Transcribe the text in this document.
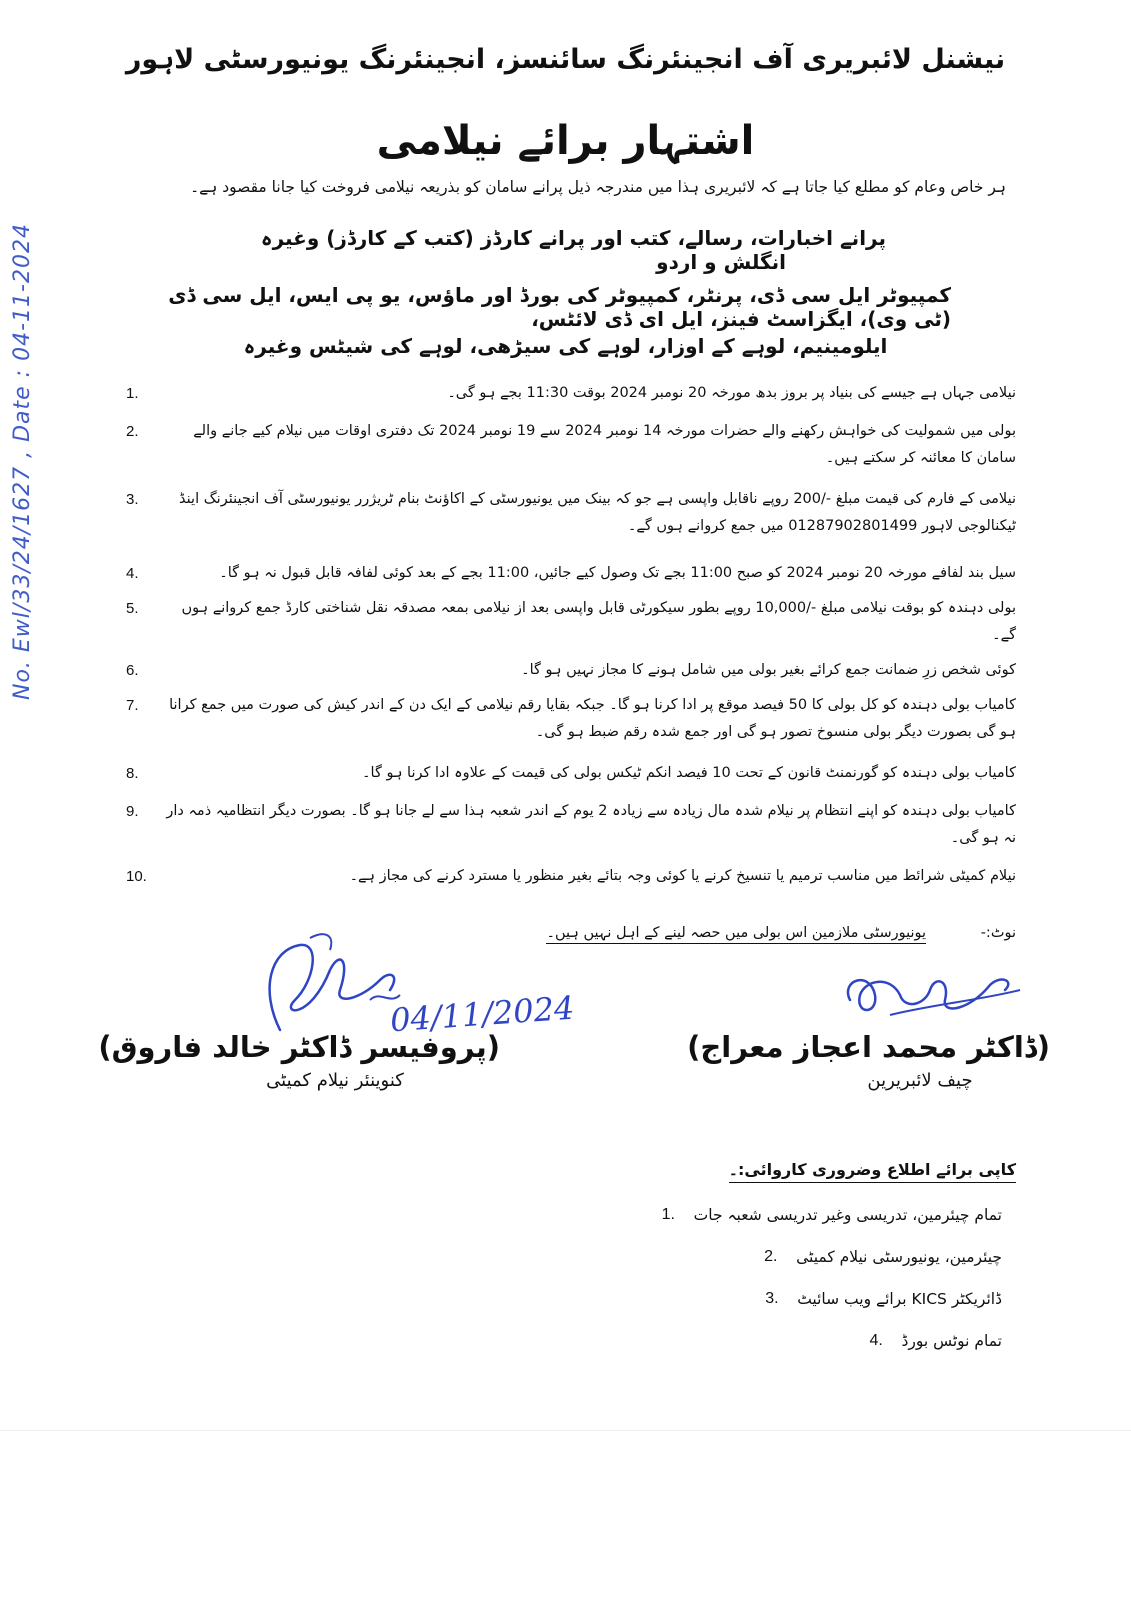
نیشنل لائبریری آف انجینئرنگ سائنسز، انجینئرنگ یونیورسٹی لاہور
اشتہار برائے نیلامی
ہر خاص وعام کو مطلع کیا جاتا ہے کہ لائبریری ہذا میں مندرجہ ذیل پرانے سامان کو بذریعہ نیلامی فروخت کیا جانا مقصود ہے۔
پرانے اخبارات، رسالے، کتب اور پرانے کارڈز (کتب کے کارڈز) وغیرہ انگلش و اردو
کمپیوٹر ایل سی ڈی، پرنٹر، کمپیوٹر کی بورڈ اور ماؤس، یو پی ایس، ایل سی ڈی (ٹی وی)، ایگزاسٹ فینز، ایل ای ڈی لائٹس،
ایلومینیم، لوہے کے اوزار، لوہے کی سیڑھی، لوہے کی شیٹس وغیرہ
نیلامی جہاں ہے جیسے کی بنیاد پر بروز بدھ مورخہ 20 نومبر 2024 بوقت 11:30 بجے ہو گی۔
1.
بولی میں شمولیت کی خواہش رکھنے والے حضرات مورخہ 14 نومبر 2024 سے 19 نومبر 2024 تک دفتری اوقات میں نیلام کیے جانے والے سامان کا معائنہ کر سکتے ہیں۔
2.
نیلامی کے فارم کی قیمت مبلغ -/200 روپے ناقابل واپسی ہے جو کہ بینک میں یونیورسٹی کے اکاؤنٹ بنام ٹریژرر یونیورسٹی آف انجینئرنگ اینڈ ٹیکنالوجی لاہور 01287902801499 میں جمع کروانے ہوں گے۔
3.
سیل بند لفافے مورخہ 20 نومبر 2024 کو صبح 11:00 بجے تک وصول کیے جائیں، 11:00 بجے کے بعد کوئی لفافہ قابل قبول نہ ہو گا۔
4.
بولی دہندہ کو بوقت نیلامی مبلغ -/10,000 روپے بطور سیکورٹی قابل واپسی بعد از نیلامی بمعہ مصدقہ نقل شناختی کارڈ جمع کروانے ہوں گے۔
5.
کوئی شخص زرِ ضمانت جمع کرائے بغیر بولی میں شامل ہونے کا مجاز نہیں ہو گا۔
6.
کامیاب بولی دہندہ کو کل بولی کا 50 فیصد موقع پر ادا کرنا ہو گا۔ جبکہ بقایا رقم نیلامی کے ایک دن کے اندر کیش کی صورت میں جمع کرانا ہو گی بصورت دیگر بولی منسوخ تصور ہو گی اور جمع شدہ رقم ضبط ہو گی۔
7.
کامیاب بولی دہندہ کو گورنمنٹ قانون کے تحت 10 فیصد انکم ٹیکس بولی کی قیمت کے علاوہ ادا کرنا ہو گا۔
8.
کامیاب بولی دہندہ کو اپنے انتظام پر نیلام شدہ مال زیادہ سے زیادہ 2 یوم کے اندر شعبہ ہذا سے لے جانا ہو گا۔ بصورت دیگر انتظامیہ ذمہ دار نہ ہو گی۔
9.
نیلام کمیٹی شرائط میں مناسب ترمیم یا تنسیخ کرنے یا کوئی وجہ بتائے بغیر منظور یا مسترد کرنے کی مجاز ہے۔
10.
نوٹ:- یونیورسٹی ملازمین اس بولی میں حصہ لینے کے اہل نہیں ہیں۔
No. Ewl/33/24/1627 , Date : 04-11-2024
04/11/2024
(پروفیسر ڈاکٹر خالد فاروق)
کنوینئر نیلام کمیٹی
(ڈاکٹر محمد اعجاز معراج)
چیف لائبریرین
کاپی برائے اطلاع وضروری کاروائی:۔
تمام چیئرمین، تدریسی وغیر تدریسی شعبہ جات
1.
چیئرمین، یونیورسٹی نیلام کمیٹی
2.
ڈائریکٹر KICS برائے ویب سائیٹ
3.
تمام نوٹس بورڈ
4.
